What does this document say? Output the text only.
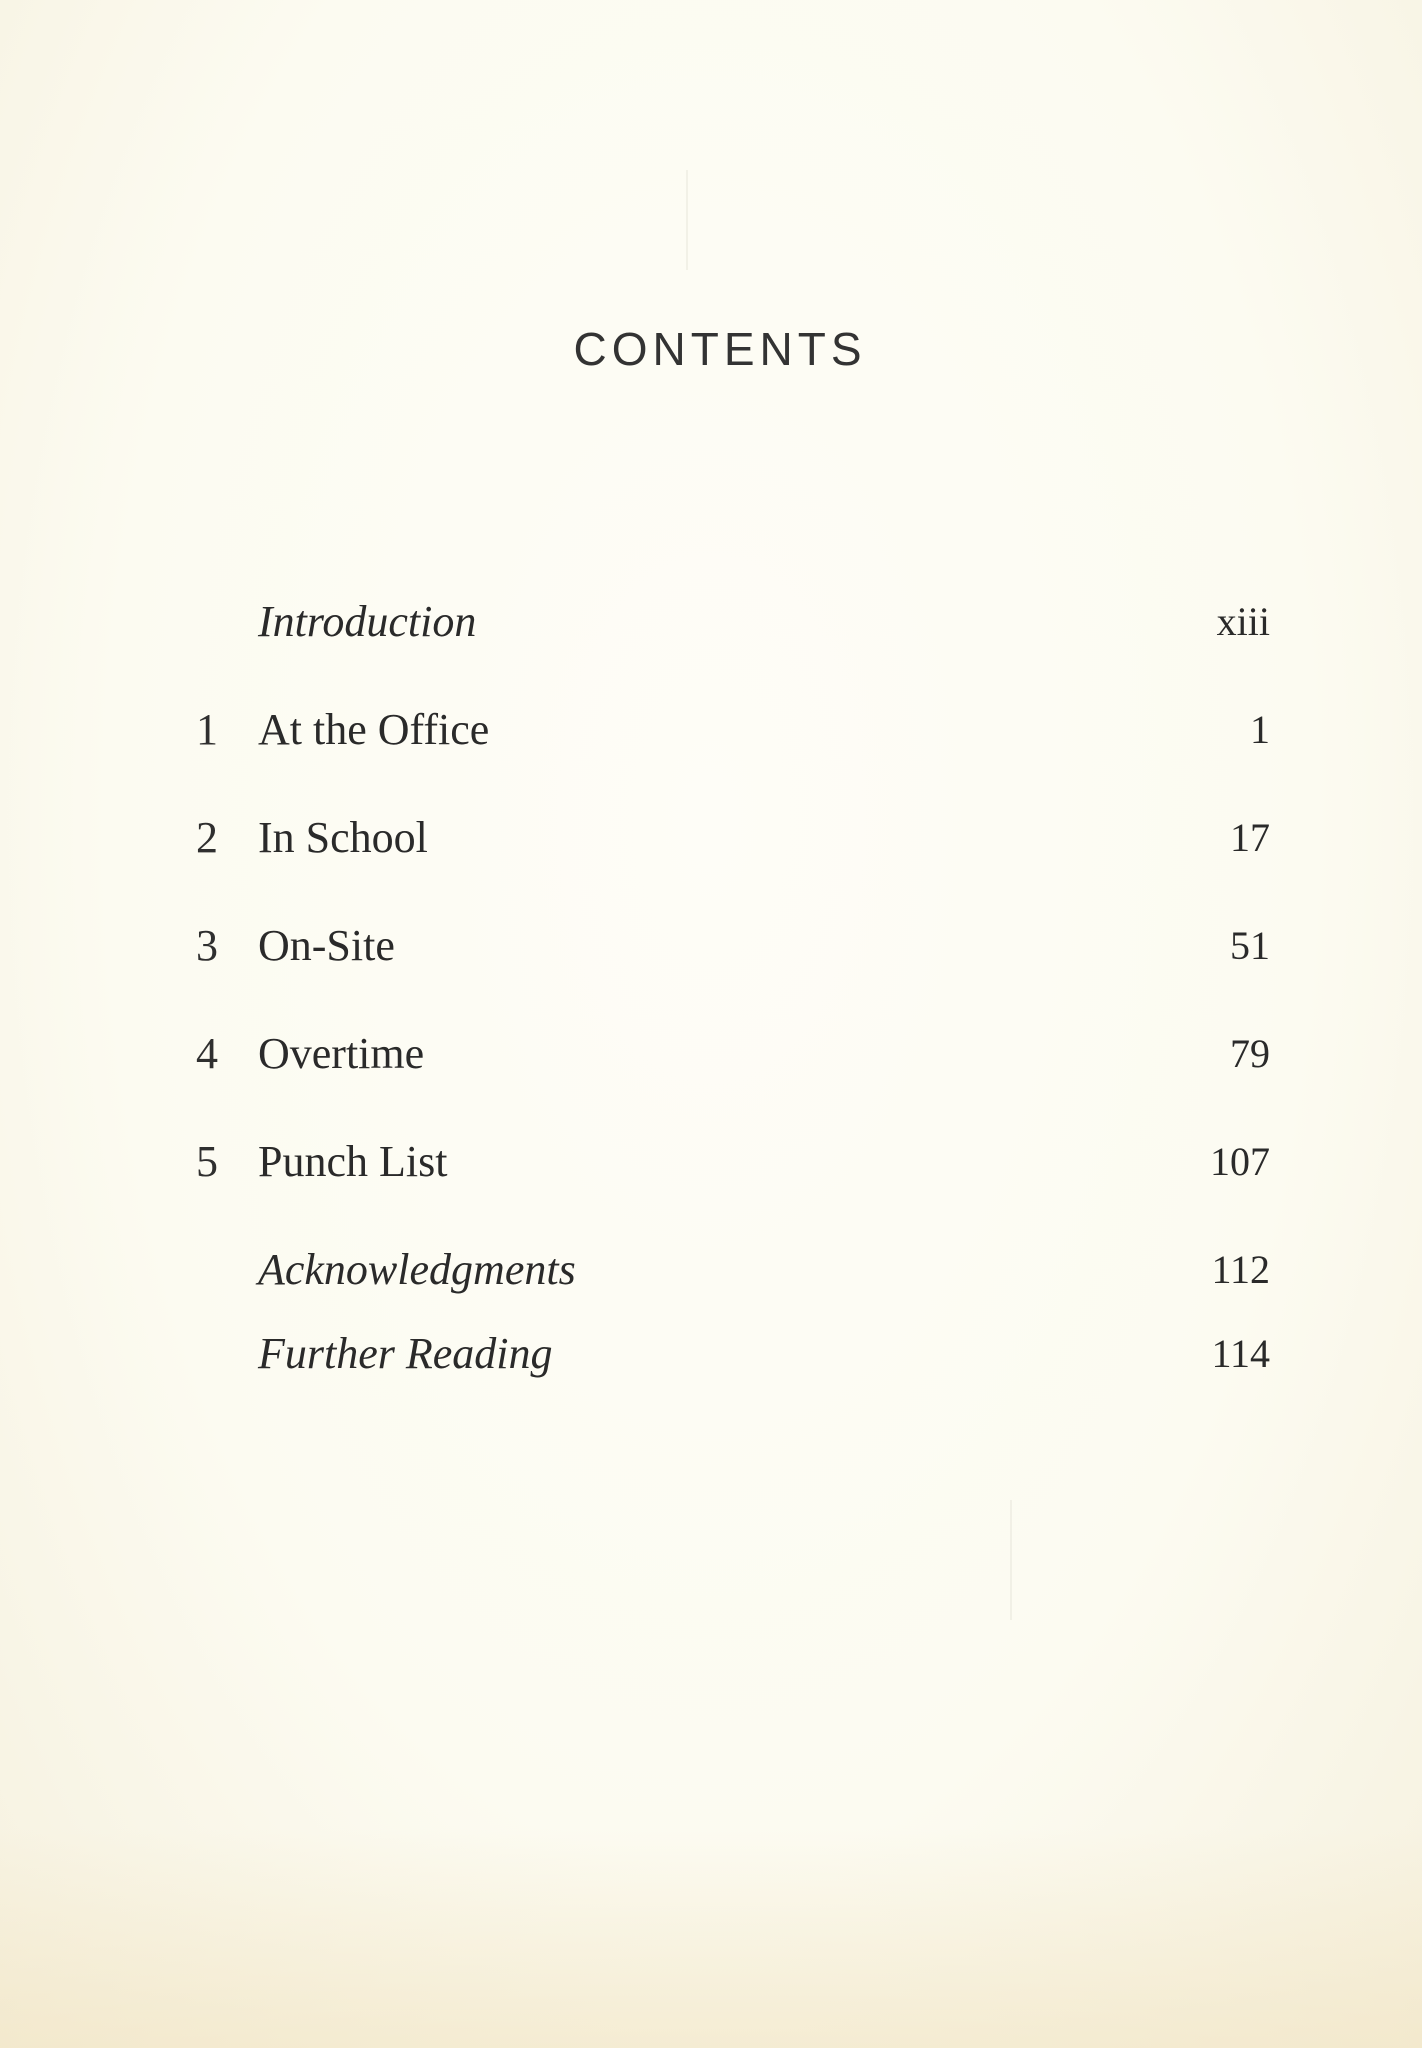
CONTENTS
Introduction	xiii
1 At the Office	1
2 In School	17
3 On-Site	51
4 Overtime	79
5 Punch List	107
Acknowledgments	112
Further Reading	114
